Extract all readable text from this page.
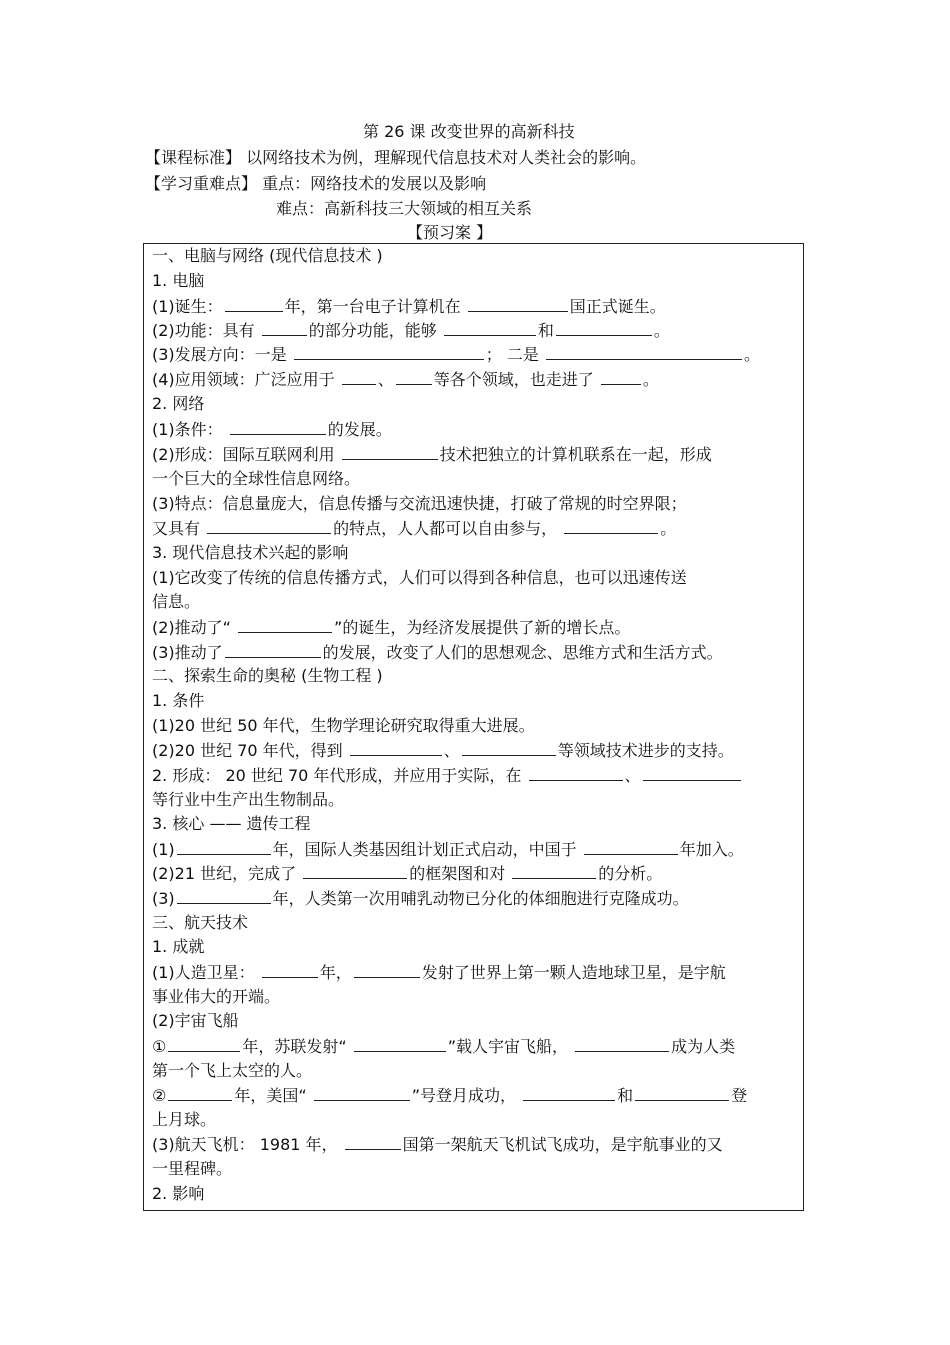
第 26 课 改变世界的高新科技
【课程标准】 以网络技术为例，理解现代信息技术对人类社会的影响。
【学习重难点】 重点：网络技术的发展以及影响
难点：高新科技三大领域的相互关系
【预习案 】
一、电脑与网络 (现代信息技术 )
1. 电脑
(1)诞生：	年，第一台电子计算机在	国正式诞生。
(2)功能：具有	的部分功能，能够	和	。
(3)发展方向：一是	； 二是	。
(4)应用领域：广泛应用于 、	等各个领域，也走进了	。
2. 网络
(1)条件：	的发展。
(2)形成：国际互联网利用	技术把独立的计算机联系在一起，形成
一个巨大的全球性信息网络。
(3)特点：信息量庞大，信息传播与交流迅速快捷，打破了常规的时空界限；
又具有	的特点，人人都可以自由参与，	。
3. 现代信息技术兴起的影响
(1)它改变了传统的信息传播方式，人们可以得到各种信息，也可以迅速传送
信息。
(2)推动了“	”的诞生，为经济发展提供了新的增长点。
(3)推动了	的发展，改变了人们的思想观念、思维方式和生活方式。
二、探索生命的奥秘 (生物工程 )
1. 条件
(1)20 世纪 50 年代，生物学理论研究取得重大进展。
(2)20 世纪 70 年代，得到	、	等领域技术进步的支持。
2. 形成： 20 世纪 70 年代形成，并应用于实际，在	、
等行业中生产出生物制品。
3. 核心 —— 遗传工程
(1)	年，国际人类基因组计划正式启动，中国于	年加入。
(2)21 世纪，完成了	的框架图和对	的分析。
(3)	年，人类第一次用哺乳动物已分化的体细胞进行克隆成功。
三、航天技术
1. 成就
(1)人造卫星：	年，	发射了世界上第一颗人造地球卫星，是宇航
事业伟大的开端。
(2)宇宙飞船
①	年，苏联发射“	”载人宇宙飞船，	成为人类
第一个飞上太空的人。
②	年，美国“	”号登月成功，	和	登
上月球。
(3)航天飞机： 1981 年，	国第一架航天飞机试飞成功，是宇航事业的又
一里程碑。
2. 影响
